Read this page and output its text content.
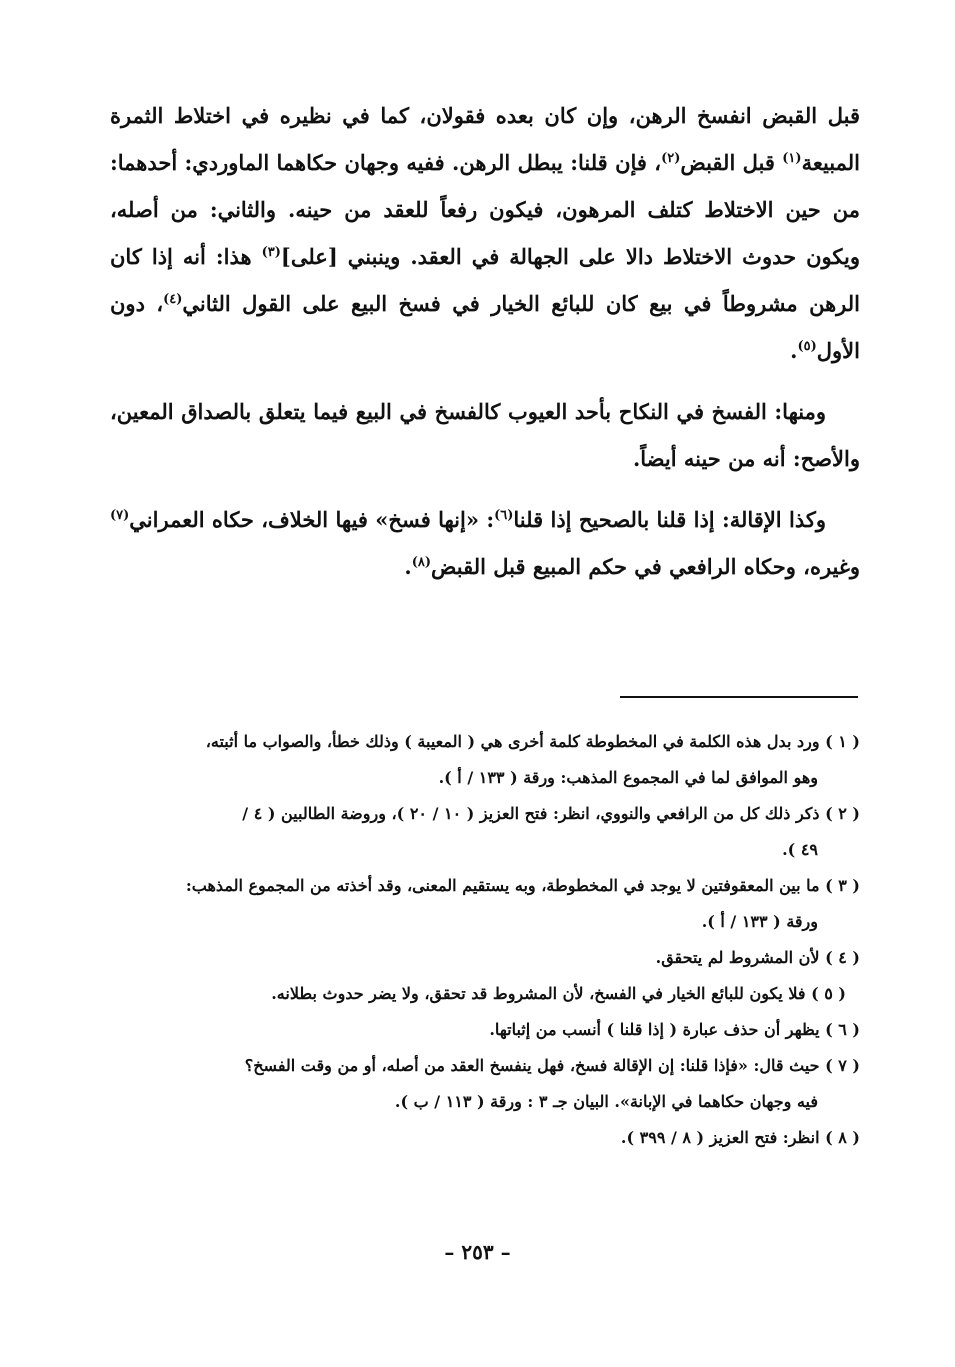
قبل القبض انفسخ الرهن، وإن كان بعده فقولان، كما في نظيره في اختلاط الثمرة المبيعة$^{(١)}$ قبل القبض$^{(٢)}$، فإن قلنا: يبطل الرهن. ففيه وجهان حكاهما الماوردي: أحدهما: من حين الاختلاط كتلف المرهون، فيكون رفعاً للعقد من حينه. والثاني: من أصله، ويكون حدوث الاختلاط دالا على الجهالة في العقد. وينبني [على]$^{(٣)}$ هذا: أنه إذا كان الرهن مشروطاً في بيع كان للبائع الخيار في فسخ البيع على القول الثاني$^{(٤)}$، دون الأول$^{(٥)}$.

ومنها: الفسخ في النكاح بأحد العيوب كالفسخ في البيع فيما يتعلق بالصداق المعين، والأصح: أنه من حينه أيضاً.

وكذا الإقالة: إذا قلنا بالصحيح إذا قلنا$^{(٦)}$: «إنها فسخ» فيها الخلاف، حكاه العمراني$^{(٧)}$ وغيره، وحكاه الرافعي في حكم المبيع قبل القبض$^{(٨)}$.

( ١ ) ورد بدل هذه الكلمة في المخطوطة كلمة أخرى هي ( المعيبة ) وذلك خطأ، والصواب ما أثبته،
وهو الموافق لما في المجموع المذهب: ورقة ( ١٣٣ / أ ).
( ٢ ) ذكر ذلك كل من الرافعي والنووي، انظر: فتح العزيز ( ١٠ / ٢٠ )، وروضة الطالبين ( ٤ /
٤٩ ).
( ٣ ) ما بين المعقوفتين لا يوجد في المخطوطة، وبه يستقيم المعنى، وقد أخذته من المجموع المذهب:
ورقة ( ١٣٣ / أ ).
( ٤ ) لأن المشروط لم يتحقق.
( ٥ ) فلا يكون للبائع الخيار في الفسخ، لأن المشروط قد تحقق، ولا يضر حدوث بطلانه.
( ٦ ) يظهر أن حذف عبارة ( إذا قلنا ) أنسب من إثباتها.
( ٧ ) حيث قال: «فإذا قلنا: إن الإقالة فسخ، فهل ينفسخ العقد من أصله، أو من وقت الفسخ؟
فيه وجهان حكاهما في الإبانة». البيان جـ ٣ : ورقة ( ١١٣ / ب ).
( ٨ ) انظر: فتح العزيز ( ٨ / ٣٩٩ ).
– ٢٥٣ –
